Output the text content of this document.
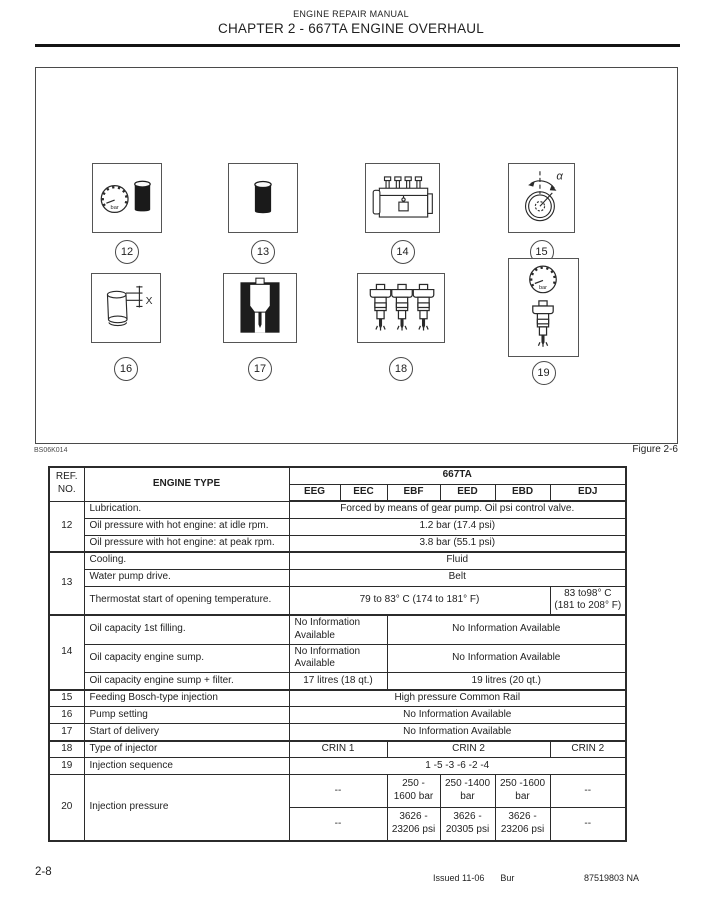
ENGINE REPAIR MANUAL
CHAPTER 2 - 667TA ENGINE OVERHAUL
12	13	14
α
15
X
16	17	18	19
BS06K014	Figure 2-6
REF.
NO.	ENGINE TYPE	667TA					
		EEG	EEC	EBF	EED	EBD	EDJ
12	Lubrication.	Forced by means of gear pump. Oil psi control valve.					
	Oil pressure with hot engine: at idle rpm.	1.2 bar (17.4 psi)					
	Oil pressure with hot engine: at peak rpm.	3.8 bar (55.1 psi)					
13	Cooling.	Fluid					
	Water pump drive.	Belt					
	Thermostat start of opening temperature.	79 to 83° C (174 to 181° F)					83 to98° C (181 to 208° F)
14	Oil capacity 1st filling.	No Information Available		No Information Available			
	Oil capacity engine sump.	No Information Available		No Information Available			
	Oil capacity engine sump + filter.	17 litres (18 qt.)		19 litres (20 qt.)			
15	Feeding Bosch-type injection	High pressure Common Rail					
16	Pump setting	No Information Available					
17	Start of delivery	No Information Available					
18	Type of injector	CRIN 1		CRIN 2			CRIN 2
19	Injection sequence	1 -5 -3 -6 -2 -4					
20	Injection pressure	--		250 - 1600 bar	250 -1400 bar	250 -1600 bar	--
		--		3626 - 23206 psi	3626 - 20305 psi	3626 - 23206 psi	--
2-8	Issued 11-06 Bur	87519803 NA
